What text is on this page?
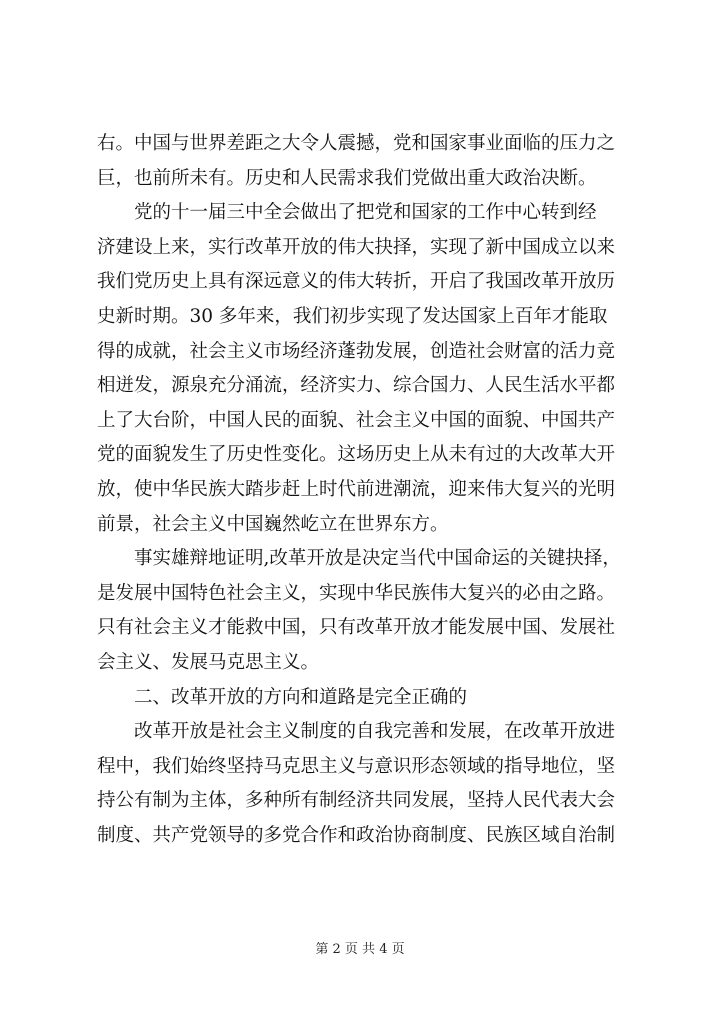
右。中国与世界差距之大令人震撼，党和国家事业面临的压力之
巨，也前所未有。历史和人民需求我们党做出重大政治决断。
　　党的十一届三中全会做出了把党和国家的工作中心转到经
济建设上来，实行改革开放的伟大抉择，实现了新中国成立以来
我们党历史上具有深远意义的伟大转折，开启了我国改革开放历
史新时期。30 多年来，我们初步实现了发达国家上百年才能取
得的成就，社会主义市场经济蓬勃发展，创造社会财富的活力竞
相迸发，源泉充分涌流，经济实力、综合国力、人民生活水平都
上了大台阶，中国人民的面貌、社会主义中国的面貌、中国共产
党的面貌发生了历史性变化。这场历史上从未有过的大改革大开
放，使中华民族大踏步赶上时代前进潮流，迎来伟大复兴的光明
前景，社会主义中国巍然屹立在世界东方。
　　事实雄辩地证明,改革开放是决定当代中国命运的关键抉择，
是发展中国特色社会主义，实现中华民族伟大复兴的必由之路。
只有社会主义才能救中国，只有改革开放才能发展中国、发展社
会主义、发展马克思主义。
　　二、改革开放的方向和道路是完全正确的
　　改革开放是社会主义制度的自我完善和发展，在改革开放进
程中，我们始终坚持马克思主义与意识形态领域的指导地位，坚
持公有制为主体，多种所有制经济共同发展，坚持人民代表大会
制度、共产党领导的多党合作和政治协商制度、民族区域自治制
第 2 页 共 4 页
